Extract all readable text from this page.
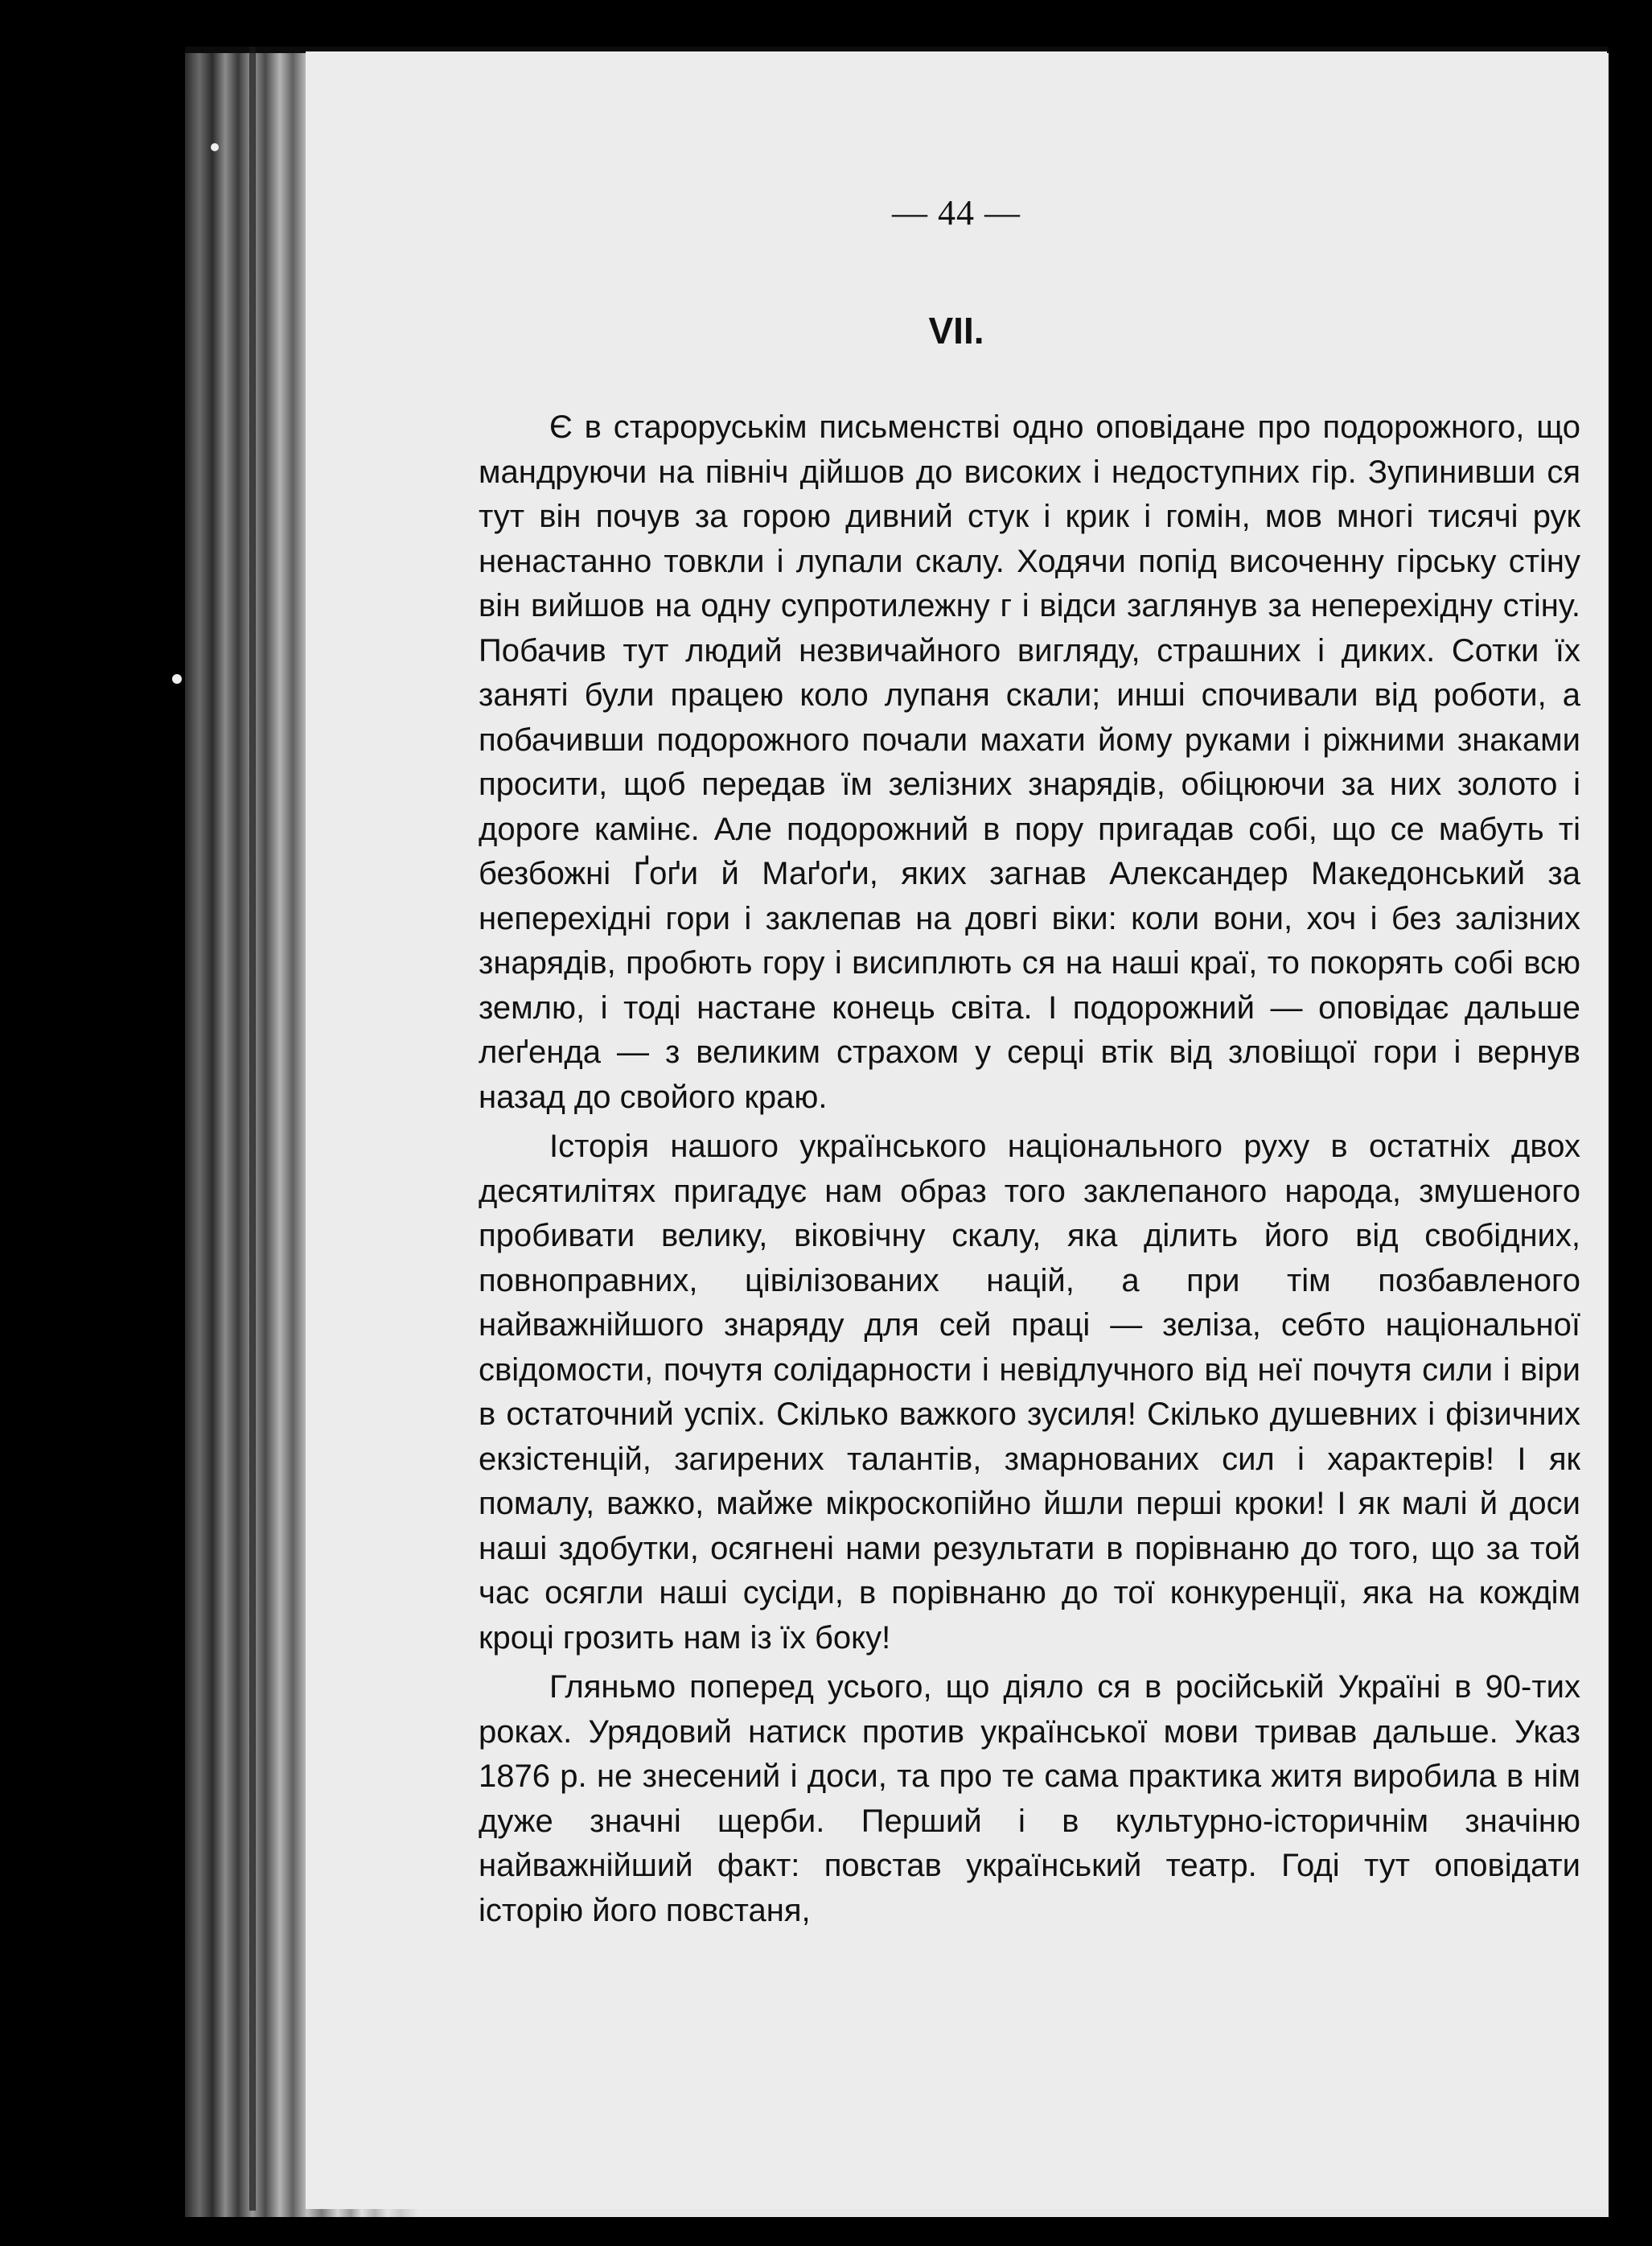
— 44 —
VII.

Є в староруськім письменстві одно оповідане про подорожного, що мандруючи на північ дійшов до високих і недоступних гір. Зупинивши ся тут він почув за горою дивний стук і крик і гомін, мов многі тисячі рук ненастанно товкли і лупали скалу. Ходячи попід височенну гірську стіну він вийшов на одну супротилежну г і відси заглянув за неперехідну стіну. Побачив тут людий незвичайного вигляду, страшних і диких. Сотки їх заняті були працею коло лупаня скали; инші спочивали від роботи, а побачивши подорожного почали махати йому руками і ріжними знаками просити, щоб передав їм зелізних знарядів, обіцюючи за них золото і дороге камінє. Але подорожний в пору пригадав собі, що се мабуть ті безбожні Ґоґи й Маґоґи, яких загнав Александер Македонський за неперехідні гори і заклепав на довгі віки: коли вони, хоч і без залізних знарядів, пробють гору і висиплють ся на наші краї, то покорять собі всю землю, і тоді настане конець світа. І подорожний — оповідає дальше леґенда — з великим страхом у серці втік від зловіщої гори і вернув назад до свойого краю.

Історія нашого українського національного руху в остатніх двох десятилітях пригадує нам образ того заклепаного народа, змушеного пробивати велику, віковічну скалу, яка ділить його від свобідних, повноправних, цівілізованих націй, а при тім позбавленого найважнійшого знаряду для сей праці — зеліза, себто національної свідомости, почутя солідарности і невідлучного від неї почутя сили і віри в остаточний успіх. Скілько важкого зусиля! Скілько душевних і фізичних екзістенцій, загирених талантів, змарнованих сил і характерів! І як помалу, важко, майже мікроскопійно йшли перші кроки! І як малі й доси наші здобутки, осягнені нами результати в порівнаню до того, що за той час осягли наші сусіди, в порівнаню до тої конкуренції, яка на кождім кроці грозить нам із їх боку!

Гляньмо поперед усього, що діяло ся в російській Україні в 90-тих роках. Урядовий натиск против української мови тривав дальше. Указ 1876 р. не знесений і доси, та про те сама практика житя виробила в нім дуже значні щерби. Перший і в культурно-історичнім значіню найважнійший факт: повстав український театр. Годі тут оповідати історію його повстаня,
